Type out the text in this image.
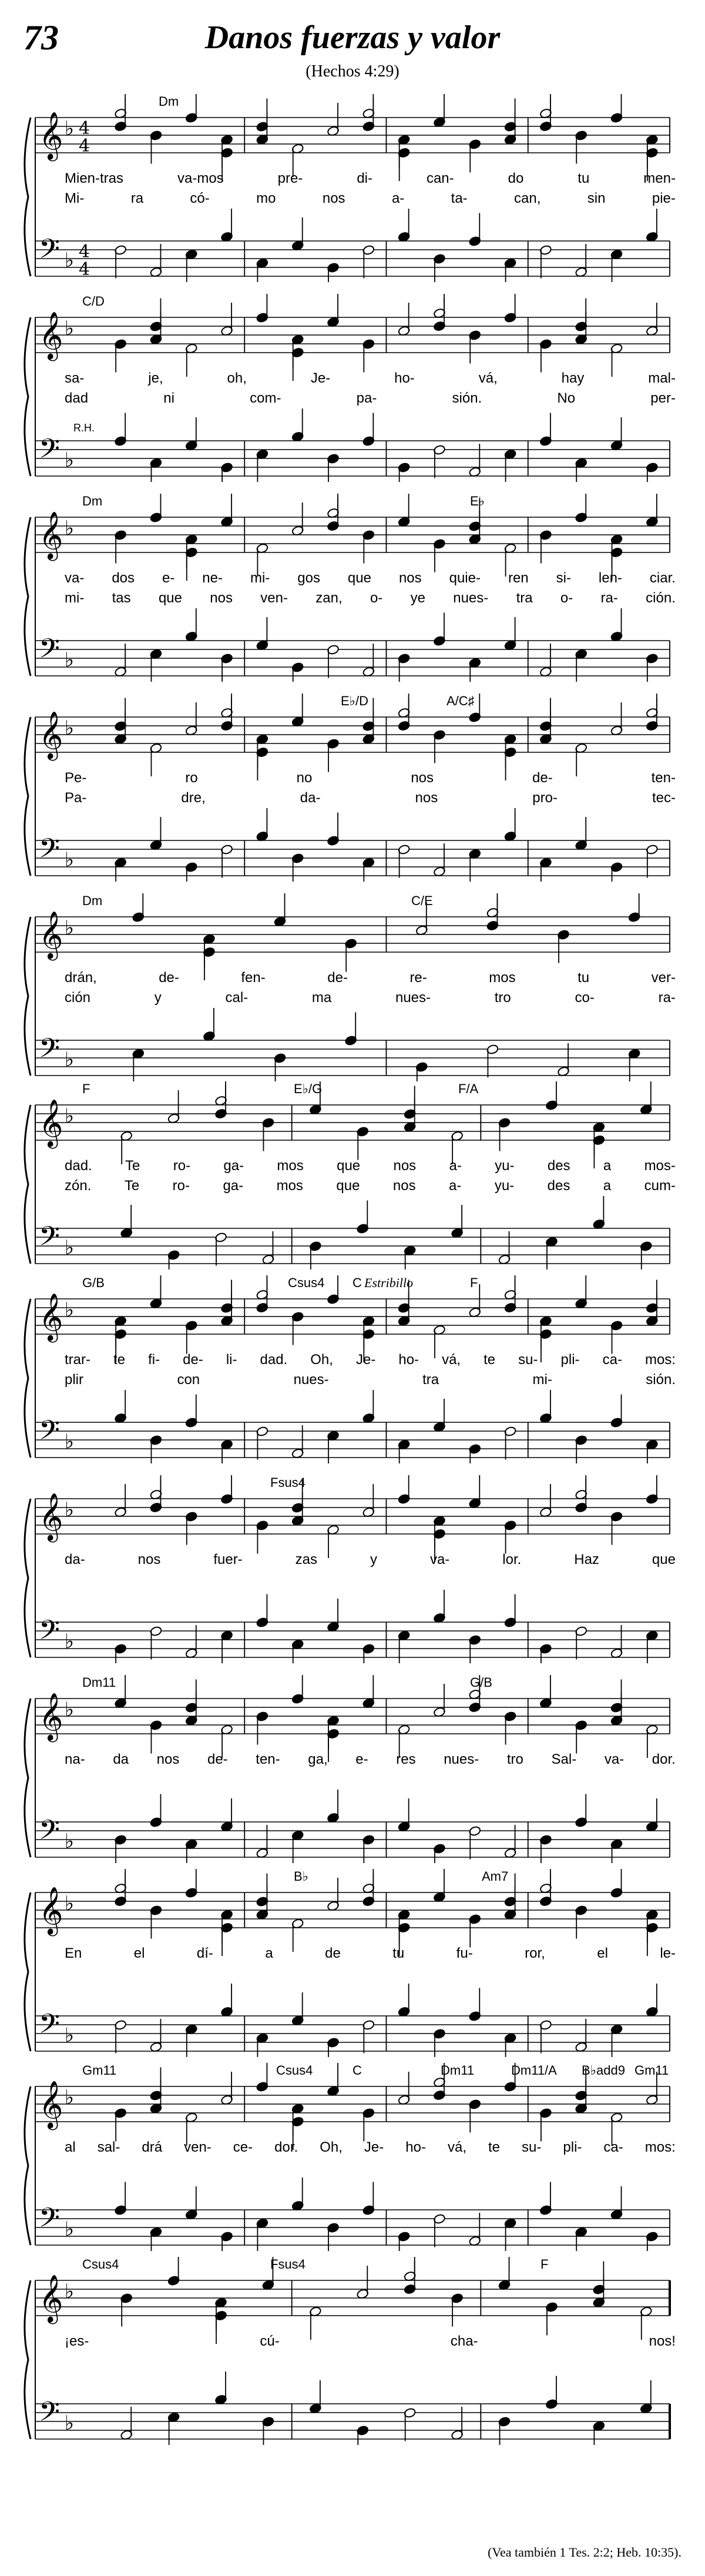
73	Danos fuerzas y valor
(Hechos 4:29)
𝄞
𝄢
♭
♭
4
4
4
4
Dm
Mien-tras	va-mos	pre-	di-	can-	do	tu	men-
Mi-	ra	có-	mo	nos	a-	ta-	can,	sin	pie-
𝄞
𝄢
♭
♭
C/D
R.H.
sa-	je,	oh,	Je-	ho-	vá,	hay	mal-
dad	ni	com-	pa-	sión.	No	per-
𝄞
𝄢
♭
♭
Dm	E♭
va- dos e- ne- mi- gos que nos quie- ren si- len- ciar.
mi- tas que nos ven- zan, o- ye nues- tra o- ra- ción.
𝄞
𝄢
♭
♭
E♭/D	A/C♯
Pe-	ro	no	nos	de-	ten-
Pa-	dre,	da-	nos	pro-	tec-
𝄞
𝄢
♭
♭
Dm	C/E
drán,	de-	fen-	de-	re-	mos	tu	ver-
ción	y	cal-	ma	nues-	tro	co-	ra-
𝄞
𝄢
♭
♭
F	E♭/G	F/A
dad. Te ro- ga- mos que nos a- yu- des a mos-
zón. Te ro- ga- mos que nos a- yu- des a cum-
𝄞
𝄢
♭
♭
G/B	Csus4 C	F
Estribillo
trar- te fi- de- li- dad. Oh, Je- ho- vá, te su- pli- ca- mos:
plir	con	nues-	tra	mi-	sión.
𝄞
𝄢
♭
♭
Fsus4
da-	nos	fuer-	zas	y	va-	lor.	Haz	que
𝄞
𝄢
♭
♭
Dm11	G/B
na- da nos de- ten- ga, e- res nues- tro Sal- va- dor.
𝄞
𝄢
♭
♭
B♭	Am7
En	el	dí-	a	de	tu	fu-	ror,	el	le-
𝄞
𝄢
♭
♭
Gm11	Csus4	C	Dm11	Dm11/A B♭add9 Gm11
al sal- drá ven- ce- dor. Oh, Je- ho- vá, te su- pli- ca- mos:
𝄞
𝄢
♭
♭
Csus4	Fsus4	F
¡es-	cú-	cha-	nos!
(Vea también 1 Tes. 2:2; Heb. 10:35).
